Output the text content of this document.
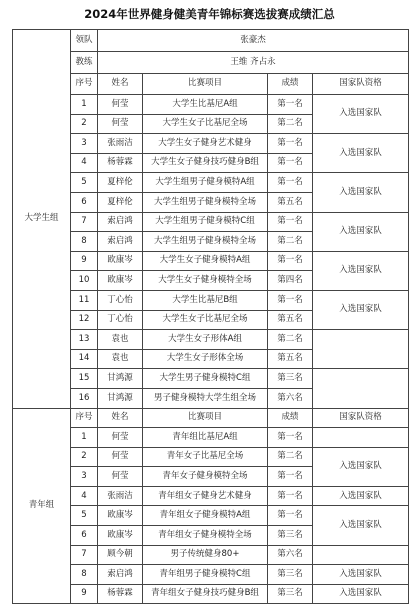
2024年世界健身健美青年锦标赛选拔赛成绩汇总
大学生组	领队	张豪杰			
	教练	王维 齐占永			
	序号	姓名	比赛项目	成绩	国家队资格
	1	何莹	大学生比基尼A组	第一名	入选国家队
	2	何莹	大学生女子比基尼全场	第二名	
	3	张雨洁	大学生女子健身艺术健身	第一名	入选国家队
	4	杨蓉霖	大学生女子健身技巧健身B组	第一名	
	5	夏梓伦	大学生组男子健身模特A组	第一名	入选国家队
	6	夏梓伦	大学生组男子健身模特全场	第五名	
	7	索启鸿	大学生组男子健身模特C组	第一名	入选国家队
	8	索启鸿	大学生组男子健身模特全场	第二名	
	9	欧康岑	大学生女子健身模特A组	第一名	入选国家队
	10	欧康岑	大学生女子健身模特全场	第四名	
	11	丁心怡	大学生比基尼B组	第一名	入选国家队
	12	丁心怡	大学生女子比基尼全场	第五名	
	13	袁也	大学生女子形体A组	第二名	
	14	袁也	大学生女子形体全场	第五名	
	15	甘鸿源	大学生男子健身模特C组	第三名	
	16	甘鸿源	男子健身模特大学生组全场	第六名	
青年组	序号	姓名	比赛项目	成绩	国家队资格
	1	何莹	青年组比基尼A组	第一名	
	2	何莹	青年女子比基尼全场	第二名	入选国家队
	3	何莹	青年女子健身模特全场	第一名	
	4	张雨洁	青年组女子健身艺术健身	第一名	入选国家队
	5	欧康岑	青年组女子健身模特A组	第一名	入选国家队
	6	欧康岑	青年组女子健身模特全场	第三名	
	7	顾今朝	男子传统健身80+	第六名	
	8	索启鸿	青年组男子健身模特C组	第三名	入选国家队
	9	杨蓉霖	青年组女子健身技巧健身B组	第三名	入选国家队
